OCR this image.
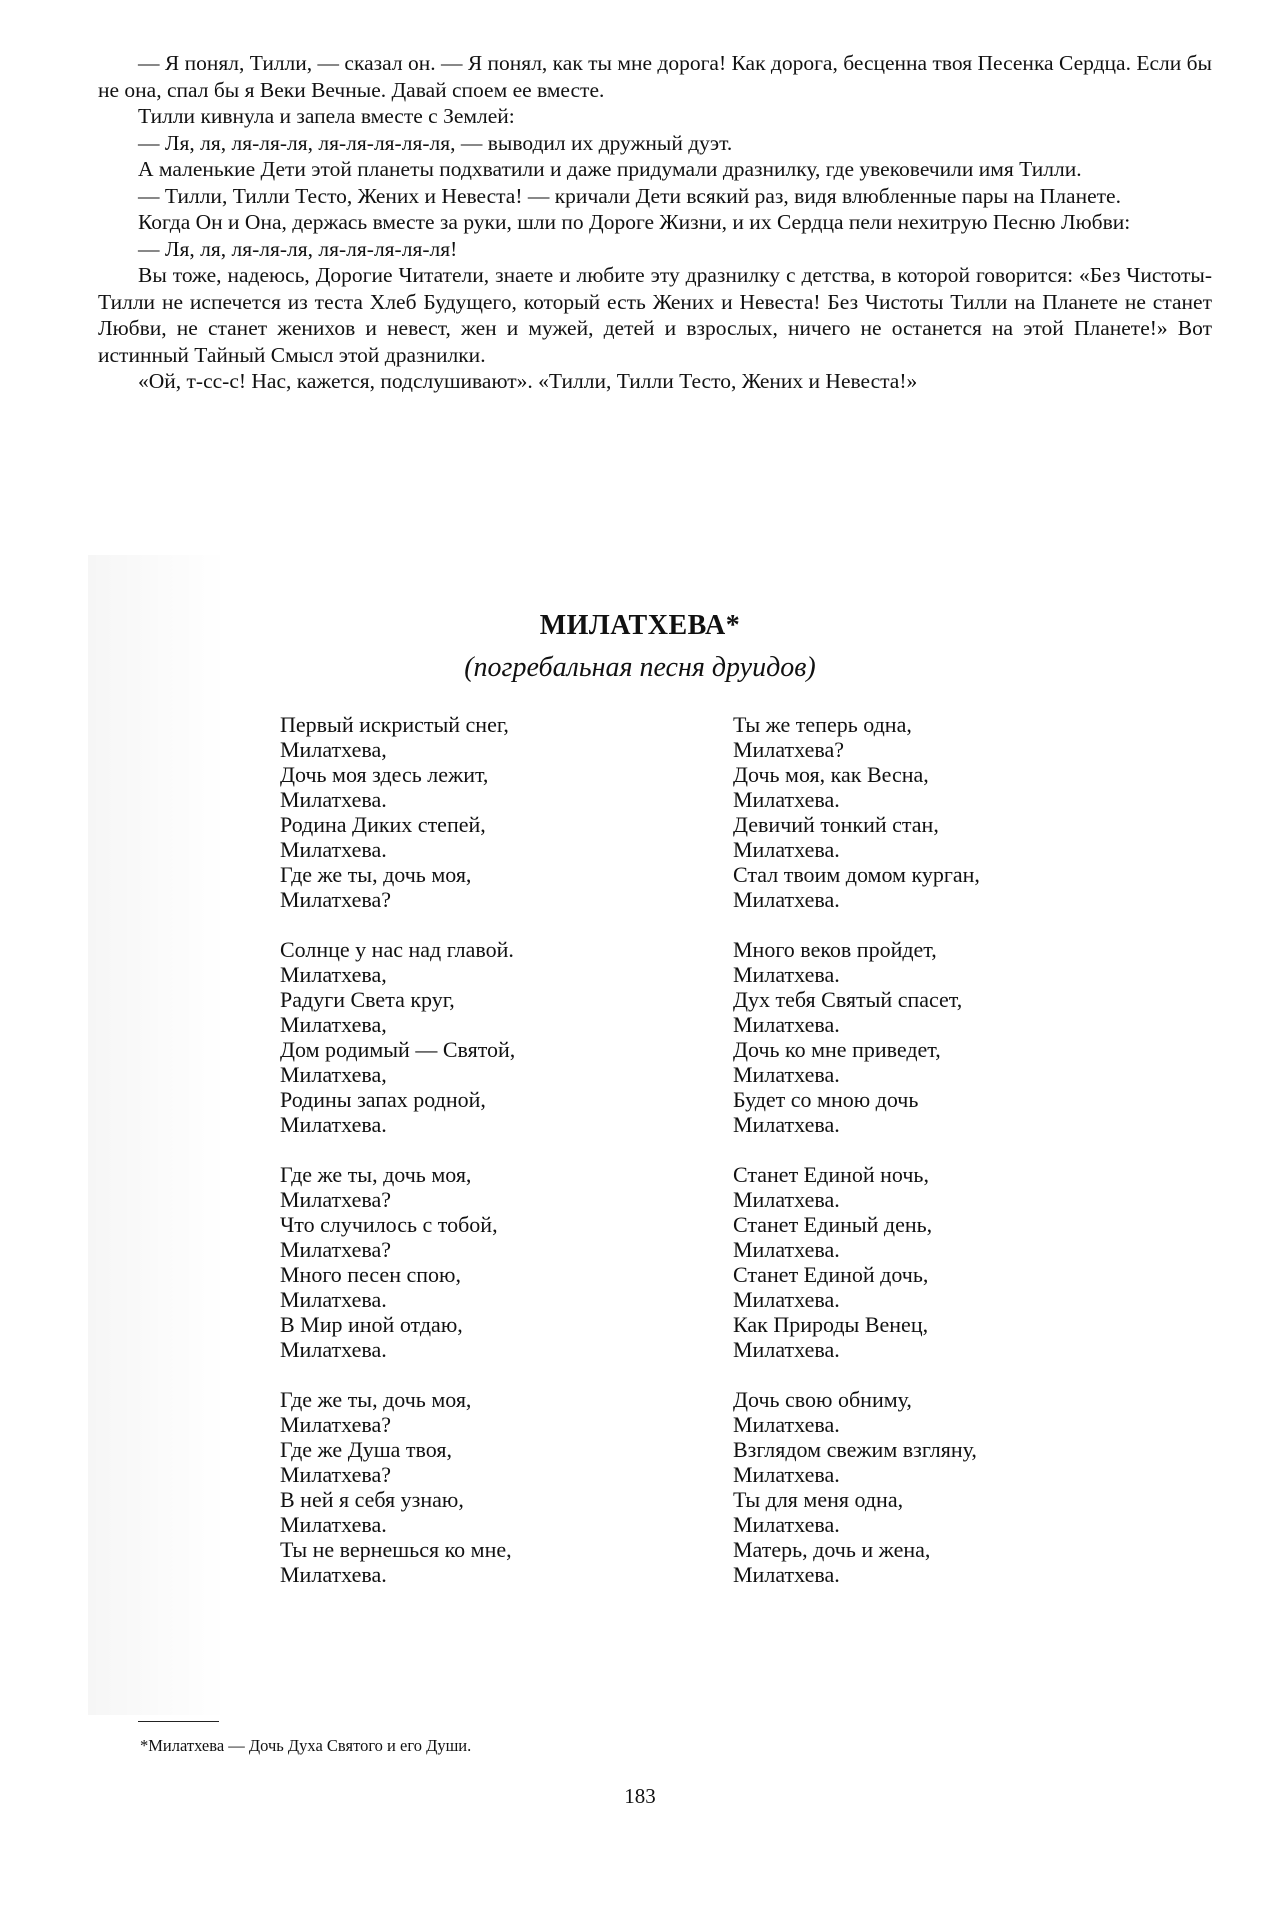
— Я понял, Тилли, — сказал он. — Я понял, как ты мне дорога! Как дорога, бесценна твоя Песенка Сердца. Если бы не она, спал бы я Веки Вечные. Давай споем ее вместе.

Тилли кивнула и запела вместе с Землей:

— Ля, ля, ля-ля-ля, ля-ля-ля-ля-ля, — выводил их дружный дуэт.

А маленькие Дети этой планеты подхватили и даже придумали дразнилку, где увековечили имя Тилли.

— Тилли, Тилли Тесто, Жених и Невеста! — кричали Дети всякий раз, видя влюбленные пары на Планете.

Когда Он и Она, держась вместе за руки, шли по Дороге Жизни, и их Сердца пели нехитрую Песню Любви:

— Ля, ля, ля-ля-ля, ля-ля-ля-ля-ля!

Вы тоже, надеюсь, Дорогие Читатели, знаете и любите эту дразнилку с детства, в которой говорится: «Без Чистоты-Тилли не испечется из теста Хлеб Будущего, который есть Жених и Невеста! Без Чистоты Тилли на Планете не станет Любви, не станет женихов и невест, жен и мужей, детей и взрослых, ничего не останется на этой Планете!» Вот истинный Тайный Смысл этой дразнилки.

«Ой, т-сс-с! Нас, кажется, подслушивают». «Тилли, Тилли Тесто, Жених и Невеста!»

МИЛАТХЕВА*
(погребальная песня друидов)
Первый искристый снег,
Милатхева,
Дочь моя здесь лежит,
Милатхева.
Родина Диких степей,
Милатхева.
Где же ты, дочь моя,
Милатхева?
Солнце у нас над главой.
Милатхева,
Радуги Света круг,
Милатхева,
Дом родимый — Святой,
Милатхева,
Родины запах родной,
Милатхева.
Где же ты, дочь моя,
Милатхева?
Что случилось с тобой,
Милатхева?
Много песен спою,
Милатхева.
В Мир иной отдаю,
Милатхева.
Где же ты, дочь моя,
Милатхева?
Где же Душа твоя,
Милатхева?
В ней я себя узнаю,
Милатхева.
Ты не вернешься ко мне,
Милатхева.
Ты же теперь одна,
Милатхева?
Дочь моя, как Весна,
Милатхева.
Девичий тонкий стан,
Милатхева.
Стал твоим домом курган,
Милатхева.
Много веков пройдет,
Милатхева.
Дух тебя Святый спасет,
Милатхева.
Дочь ко мне приведет,
Милатхева.
Будет со мною дочь
Милатхева.
Станет Единой ночь,
Милатхева.
Станет Единый день,
Милатхева.
Станет Единой дочь,
Милатхева.
Как Природы Венец,
Милатхева.
Дочь свою обниму,
Милатхева.
Взглядом свежим взгляну,
Милатхева.
Ты для меня одна,
Милатхева.
Матерь, дочь и жена,
Милатхева.
*Милатхева — Дочь Духа Святого и его Души.
183
